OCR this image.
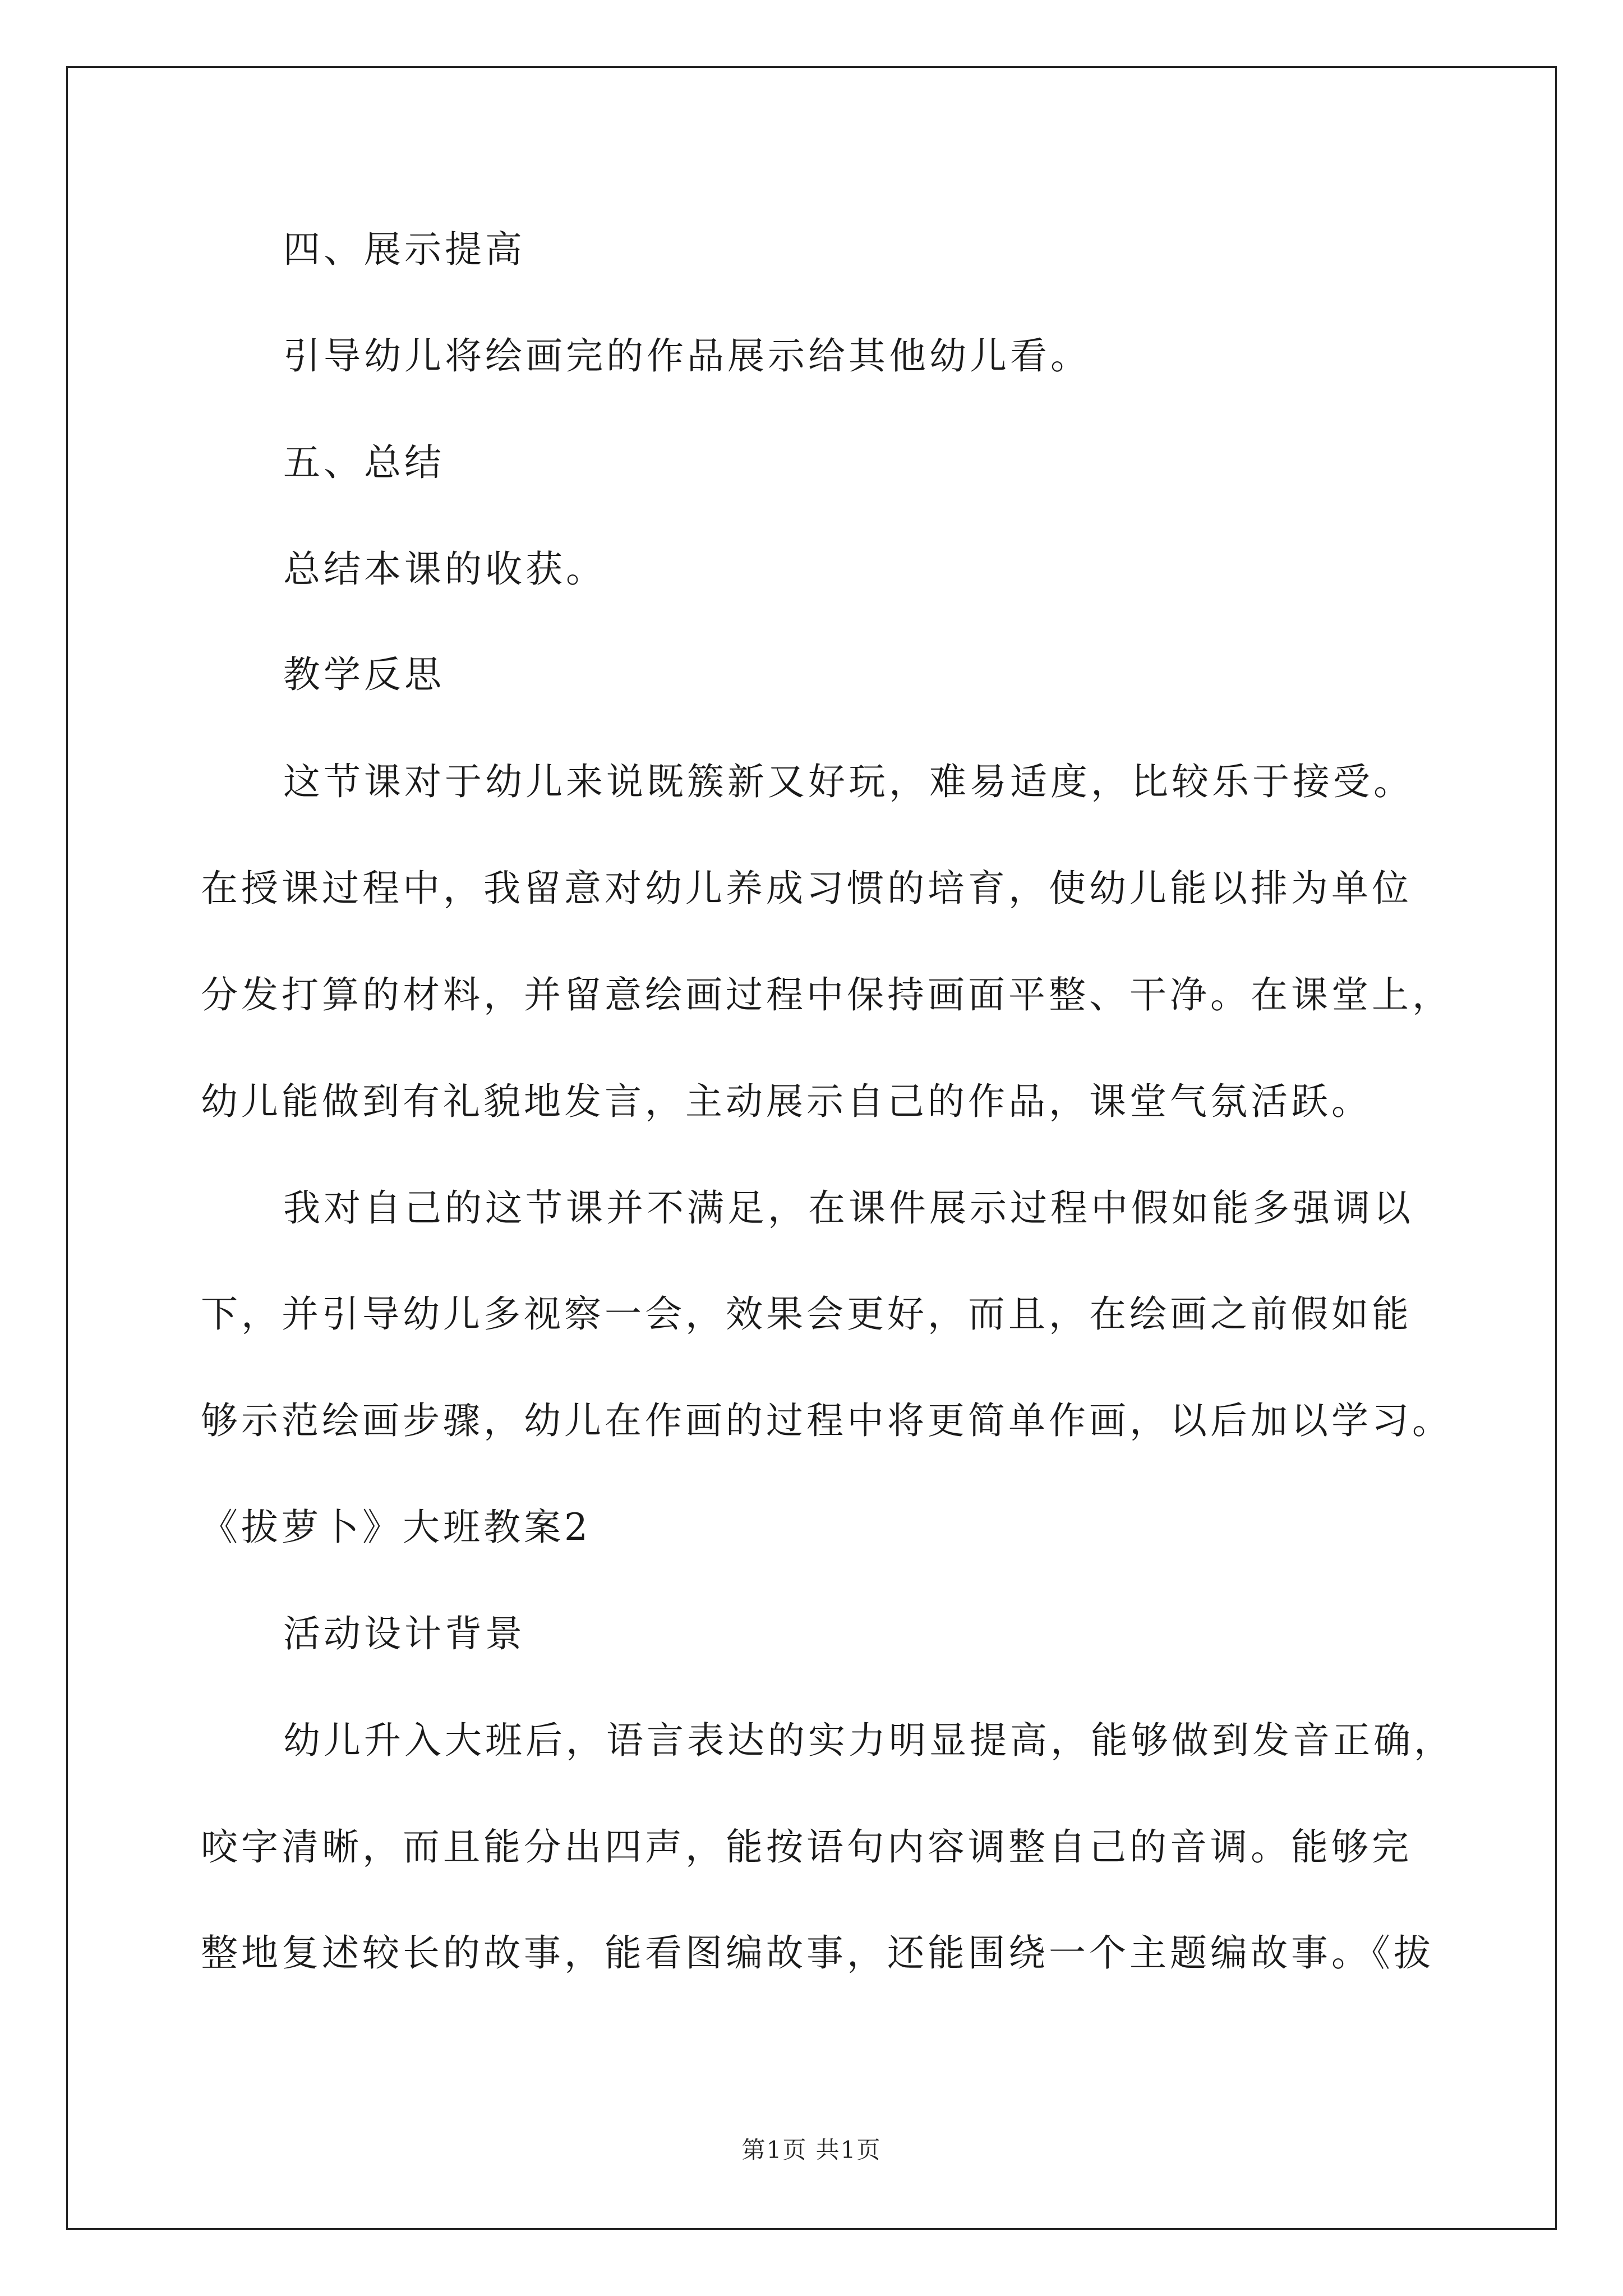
四、展示提高

引导幼儿将绘画完的作品展示给其他幼儿看。

五、总结

总结本课的收获。

教学反思

这节课对于幼儿来说既簇新又好玩，难易适度，比较乐于接受。

在授课过程中，我留意对幼儿养成习惯的培育，使幼儿能以排为单位

分发打算的材料，并留意绘画过程中保持画面平整、干净。在课堂上，

幼儿能做到有礼貌地发言，主动展示自己的作品，课堂气氛活跃。

我对自己的这节课并不满足，在课件展示过程中假如能多强调以

下，并引导幼儿多视察一会，效果会更好，而且，在绘画之前假如能

够示范绘画步骤，幼儿在作画的过程中将更简单作画，以后加以学习。

《拔萝卜》大班教案2

活动设计背景

幼儿升入大班后，语言表达的实力明显提高，能够做到发音正确，

咬字清晰，而且能分出四声，能按语句内容调整自己的音调。能够完

整地复述较长的故事，能看图编故事，还能围绕一个主题编故事。《拔

第1页 共1页
